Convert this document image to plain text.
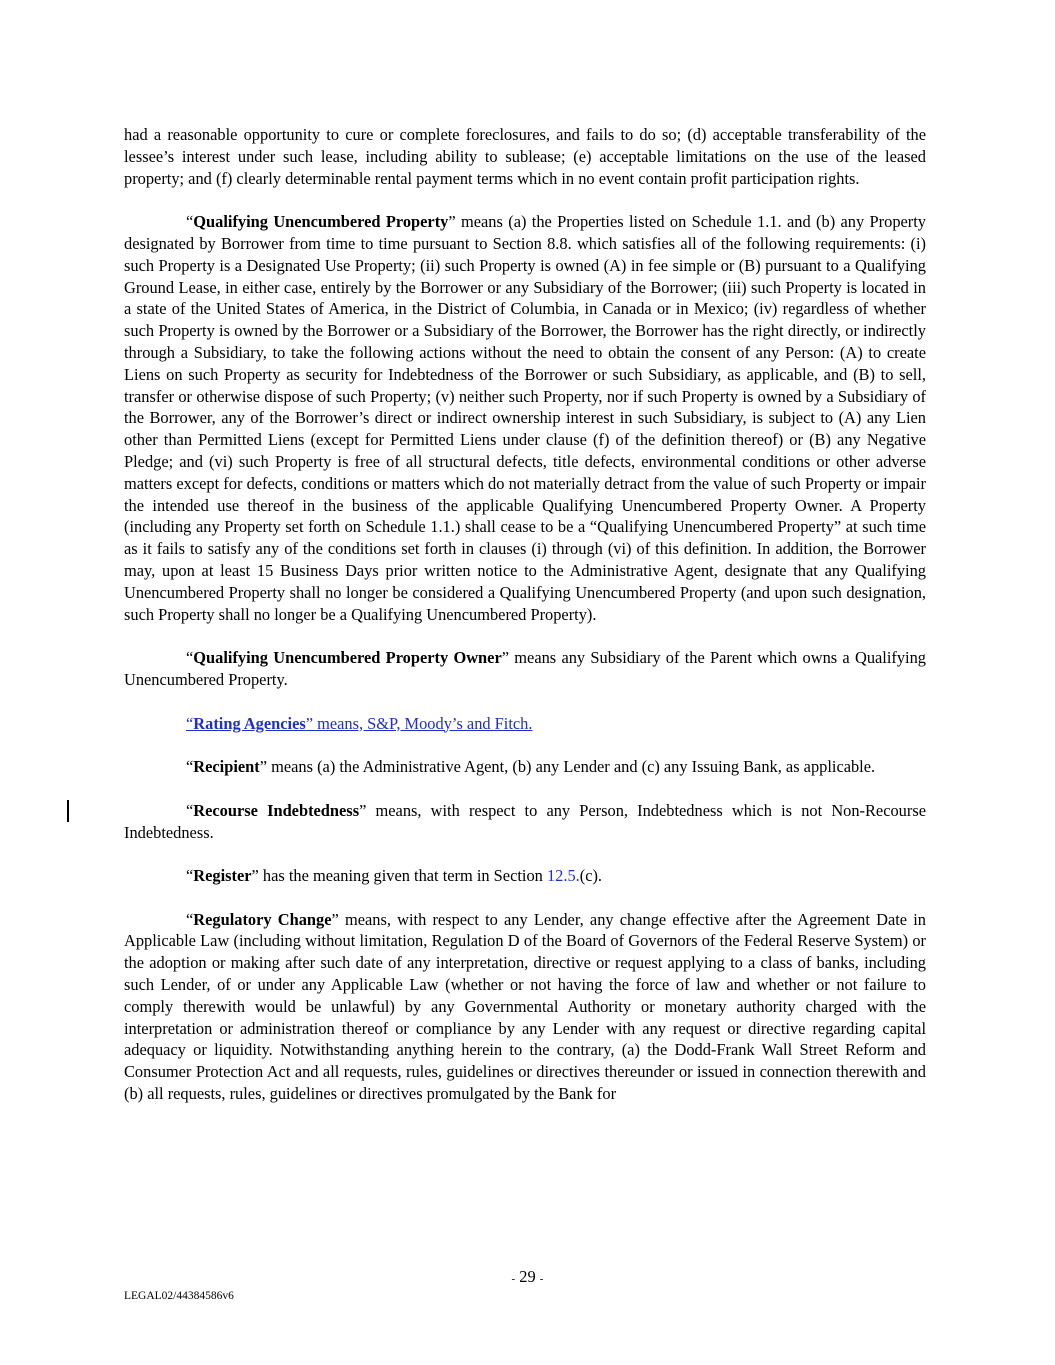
had a reasonable opportunity to cure or complete foreclosures, and fails to do so; (d) acceptable transferability of the lessee’s interest under such lease, including ability to sublease; (e) acceptable limitations on the use of the leased property; and (f) clearly determinable rental payment terms which in no event contain profit participation rights.

“Qualifying Unencumbered Property” means (a) the Properties listed on Schedule 1.1. and (b) any Property designated by Borrower from time to time pursuant to Section 8.8. which satisfies all of the following requirements: (i) such Property is a Designated Use Property; (ii) such Property is owned (A) in fee simple or (B) pursuant to a Qualifying Ground Lease, in either case, entirely by the Borrower or any Subsidiary of the Borrower; (iii) such Property is located in a state of the United States of America, in the District of Columbia, in Canada or in Mexico; (iv) regardless of whether such Property is owned by the Borrower or a Subsidiary of the Borrower, the Borrower has the right directly, or indirectly through a Subsidiary, to take the following actions without the need to obtain the consent of any Person: (A) to create Liens on such Property as security for Indebtedness of the Borrower or such Subsidiary, as applicable, and (B) to sell, transfer or otherwise dispose of such Property; (v) neither such Property, nor if such Property is owned by a Subsidiary of the Borrower, any of the Borrower’s direct or indirect ownership interest in such Subsidiary, is subject to (A) any Lien other than Permitted Liens (except for Permitted Liens under clause (f) of the definition thereof) or (B) any Negative Pledge; and (vi) such Property is free of all structural defects, title defects, environmental conditions or other adverse matters except for defects, conditions or matters which do not materially detract from the value of such Property or impair the intended use thereof in the business of the applicable Qualifying Unencumbered Property Owner. A Property (including any Property set forth on Schedule 1.1.) shall cease to be a “Qualifying Unencumbered Property” at such time as it fails to satisfy any of the conditions set forth in clauses (i) through (vi) of this definition. In addition, the Borrower may, upon at least 15 Business Days prior written notice to the Administrative Agent, designate that any Qualifying Unencumbered Property shall no longer be considered a Qualifying Unencumbered Property (and upon such designation, such Property shall no longer be a Qualifying Unencumbered Property).

“Qualifying Unencumbered Property Owner” means any Subsidiary of the Parent which owns a Qualifying Unencumbered Property.

“Rating Agencies” means, S&P, Moody’s and Fitch.

“Recipient” means (a) the Administrative Agent, (b) any Lender and (c) any Issuing Bank, as applicable.

“Recourse Indebtedness” means, with respect to any Person, Indebtedness which is not Non-Recourse Indebtedness.

“Register” has the meaning given that term in Section 12.5.(c).

“Regulatory Change” means, with respect to any Lender, any change effective after the Agreement Date in Applicable Law (including without limitation, Regulation D of the Board of Governors of the Federal Reserve System) or the adoption or making after such date of any interpretation, directive or request applying to a class of banks, including such Lender, of or under any Applicable Law (whether or not having the force of law and whether or not failure to comply therewith would be unlawful) by any Governmental Authority or monetary authority charged with the interpretation or administration thereof or compliance by any Lender with any request or directive regarding capital adequacy or liquidity. Notwithstanding anything herein to the contrary, (a) the Dodd-Frank Wall Street Reform and Consumer Protection Act and all requests, rules, guidelines or directives thereunder or issued in connection therewith and (b) all requests, rules, guidelines or directives promulgated by the Bank for

- 29 -
LEGAL02/44384586v6
